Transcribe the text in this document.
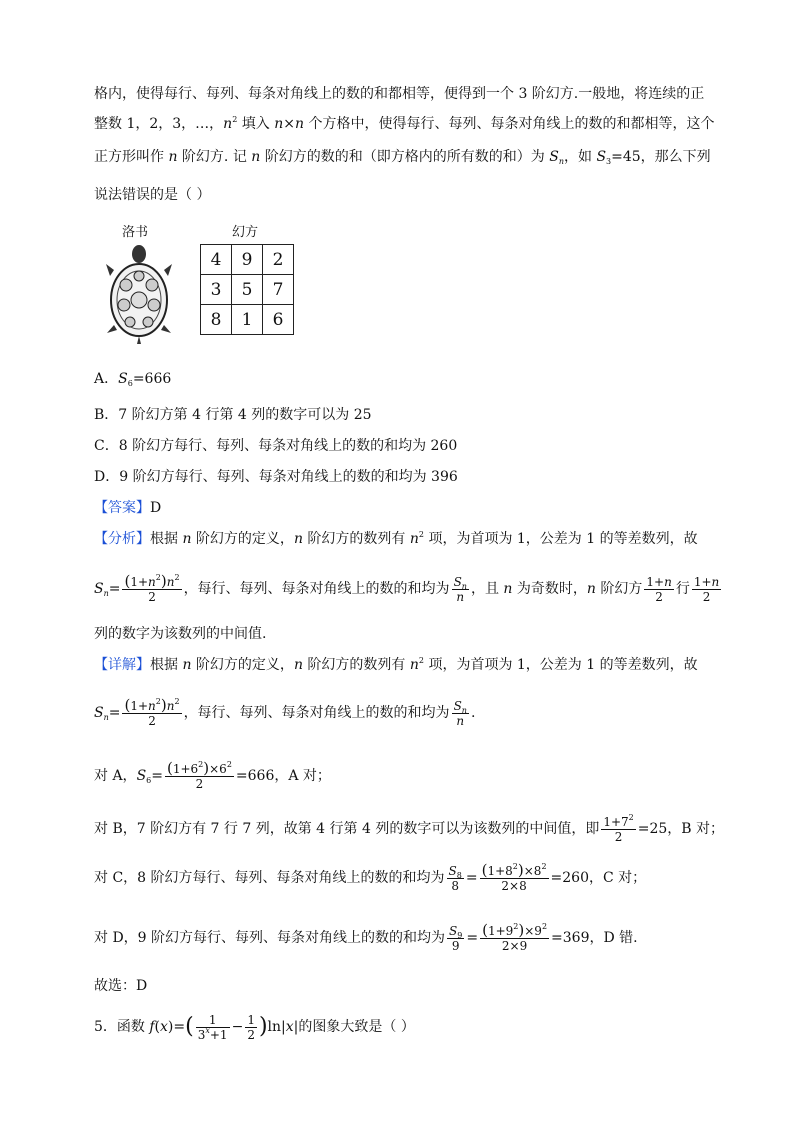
格内，使得每行、每列、每条对角线上的数的和都相等，便得到一个 3 阶幻方.一般地，将连续的正
整数 1，2，3，…，$n^2$ 填入 n×n 个方格中，使得每行、每列、每条对角线上的数的和都相等，这个
正方形叫作 n 阶幻方. 记 n 阶幻方的数的和（即方格内的所有数的和）为 $S_n$，如 $S_3=45$，那么下列
说法错误的是（ ）
洛书	幻方
4	9	2
3	5	7
8	1	6
A．$S_6=666$
B．7 阶幻方第 4 行第 4 列的数字可以为 25
C．8 阶幻方每行、每列、每条对角线上的数的和均为 260
D．9 阶幻方每行、每列、每条对角线上的数的和均为 396
【答案】D
【分析】根据 n 阶幻方的定义，n 阶幻方的数列有 $n^2$ 项，为首项为 1，公差为 1 的等差数列，故
$S_n= \frac{(1+n^2)n^2}{2}$ ，每行、每列、每条对角线上的数的和均为 $\frac{S_n}{n}$ ，且 n 为奇数时，n 阶幻方 $\frac{1+n}{2}$ 行 $\frac{1+n}{2}$
列的数字为该数列的中间值.
【详解】根据 n 阶幻方的定义，n 阶幻方的数列有 $n^2$ 项，为首项为 1，公差为 1 的等差数列，故
$S_n= \frac{(1+n^2)n^2}{2}$ ，每行、每列、每条对角线上的数的和均为 $\frac{S_n}{n}$ .
对 A，$S_6= \frac{(1+6^2)\times 6^2}{2} =666$，A 对；
对 B，7 阶幻方有 7 行 7 列，故第 4 行第 4 列的数字可以为该数列的中间值，即 $\frac{1+7^2}{2} =25$，B 对；
对 C，8 阶幻方每行、每列、每条对角线上的数的和均为 $\frac{S_8}{8} = \frac{(1+8^2)\times 8^2}{2\times 8} =260$，C 对；
对 D，9 阶幻方每行、每列、每条对角线上的数的和均为 $\frac{S_9}{9} = \frac{(1+9^2)\times 9^2}{2\times 9} =369$，D 错.
故选：D
5．函数 $f(x)=( \frac{1}{3^x+1} - \frac{1}{2} )\ln|x|$的图象大致是（ ）
